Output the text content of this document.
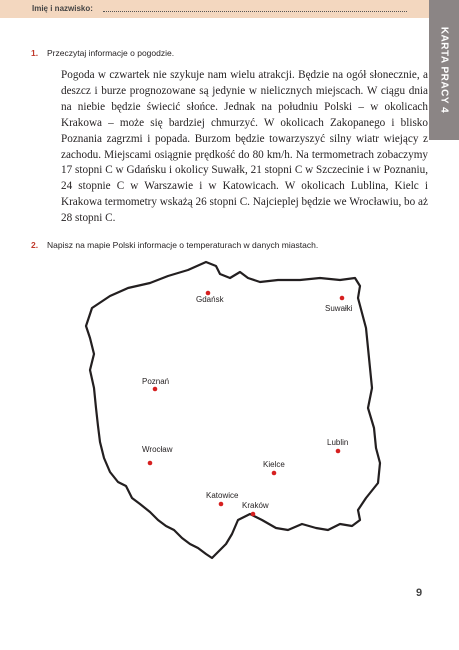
Imię i nazwisko:
KARTA PRACY 4
1. Przeczytaj informacje o pogodzie.
Pogoda w czwartek nie szykuje nam wielu atrakcji. Będzie na ogół słonecznie, a deszcz i burze prognozowane są jedynie w nielicznych miejscach. W ciągu dnia na niebie będzie świecić słońce. Jednak na południu Polski – w okolicach Krakowa – może się bardziej chmurzyć. W okolicach Zakopanego i blisko Poznania zagrzmi i popada. Burzom będzie towarzyszyć silny wiatr wiejący z zachodu. Miejscami osiągnie prędkość do 80 km/h. Na termometrach zobaczymy 17 stopni C w Gdańsku i okolicy Suwałk, 21 stopni C w Szczecinie i w Poznaniu, 24 stopnie C w Warszawie i w Katowicach. W okolicach Lublina, Kielc i Krakowa termometry wskażą 26 stopni C. Najcieplej będzie we Wrocławiu, bo aż 28 stopni C.
2. Napisz na mapie Polski informacje o temperaturach w danych miastach.
Gdańsk
Suwałki
Poznań
Wrocław
Lublin
Kielce
Katowice
Kraków
9
